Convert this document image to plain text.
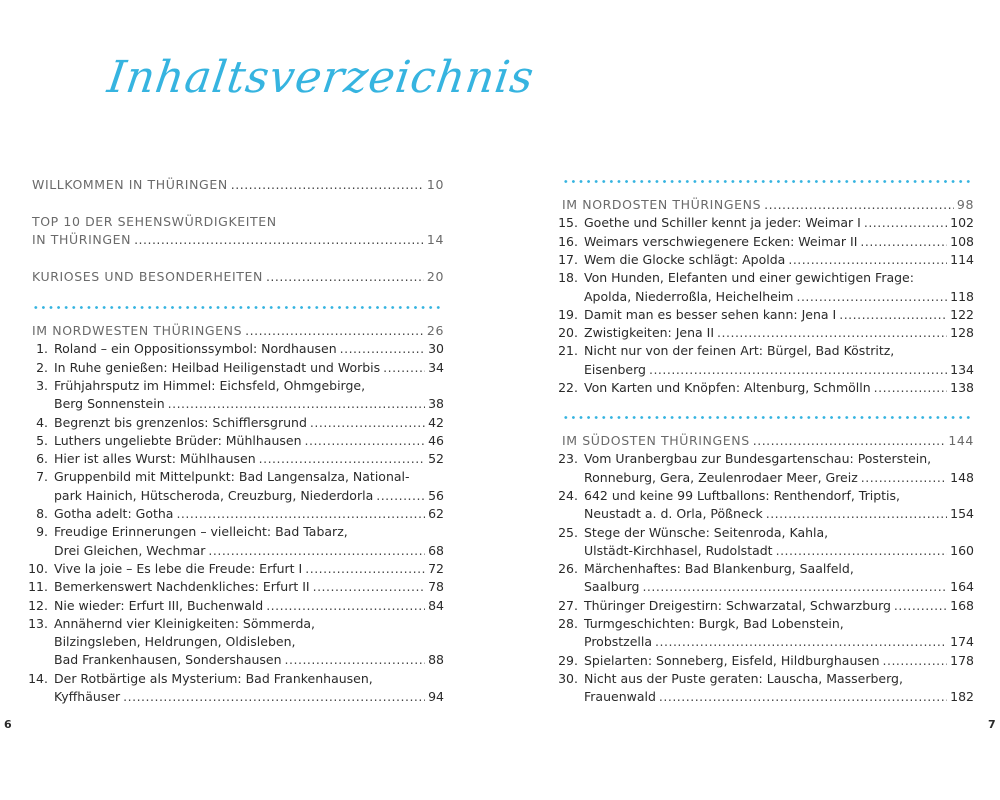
Inhaltsverzeichnis
WILLKOMMEN IN THÜRINGEN .....	10
TOP 10 DER SEHENSWÜRDIGKEITEN
IN THÜRINGEN .....	14
KURIOSES UND BESONDERHEITEN .....	20
IM NORDWESTEN THÜRINGENS .....	26
1. Roland – ein Oppositionssymbol: Nordhausen .....	30
2. In Ruhe genießen: Heilbad Heiligenstadt und Worbis .....	34
3. Frühjahrsputz im Himmel: Eichsfeld, Ohmgebirge,
Berg Sonnenstein .....	38
4. Begrenzt bis grenzenlos: Schifflersgrund .....	42
5. Luthers ungeliebte Brüder: Mühlhausen .....	46
6. Hier ist alles Wurst: Mühlhausen .....	52
7. Gruppenbild mit Mittelpunkt: Bad Langensalza, National-
park Hainich, Hütscheroda, Creuzburg, Niederdorla .....	56
8. Gotha adelt: Gotha .....	62
9. Freudige Erinnerungen – vielleicht: Bad Tabarz,
Drei Gleichen, Wechmar .....	68
10. Vive la joie – Es lebe die Freude: Erfurt I .....	72
11. Bemerkenswert Nachdenkliches: Erfurt II .....	78
12. Nie wieder: Erfurt III, Buchenwald .....	84
13. Annähernd vier Kleinigkeiten: Sömmerda,
Bilzingsleben, Heldrungen, Oldisleben,
Bad Frankenhausen, Sondershausen .....	88
14. Der Rotbärtige als Mysterium: Bad Frankenhausen,
Kyffhäuser .....	94
IM NORDOSTEN THÜRINGENS .....	98
15. Goethe und Schiller kennt ja jeder: Weimar I .....	102
16. Weimars verschwiegenere Ecken: Weimar II .....	108
17. Wem die Glocke schlägt: Apolda .....	114
18. Von Hunden, Elefanten und einer gewichtigen Frage:
Apolda, Niederroßla, Heichelheim .....	118
19. Damit man es besser sehen kann: Jena I .....	122
20. Zwistigkeiten: Jena II .....	128
21. Nicht nur von der feinen Art: Bürgel, Bad Köstritz,
Eisenberg .....	134
22. Von Karten und Knöpfen: Altenburg, Schmölln .....	138
IM SÜDOSTEN THÜRINGENS .....	144
23. Vom Uranbergbau zur Bundesgartenschau: Posterstein,
Ronneburg, Gera, Zeulenrodaer Meer, Greiz .....	148
24. 642 und keine 99 Luftballons: Renthendorf, Triptis,
Neustadt a. d. Orla, Pößneck .....	154
25. Stege der Wünsche: Seitenroda, Kahla,
Ulstädt-Kirchhasel, Rudolstadt .....	160
26. Märchenhaftes: Bad Blankenburg, Saalfeld,
Saalburg .....	164
27. Thüringer Dreigestirn: Schwarzatal, Schwarzburg .....	168
28. Turmgeschichten: Burgk, Bad Lobenstein,
Probstzella .....	174
29. Spielarten: Sonneberg, Eisfeld, Hildburghausen .....	178
30. Nicht aus der Puste geraten: Lauscha, Masserberg,
Frauenwald .....	182
6	7
